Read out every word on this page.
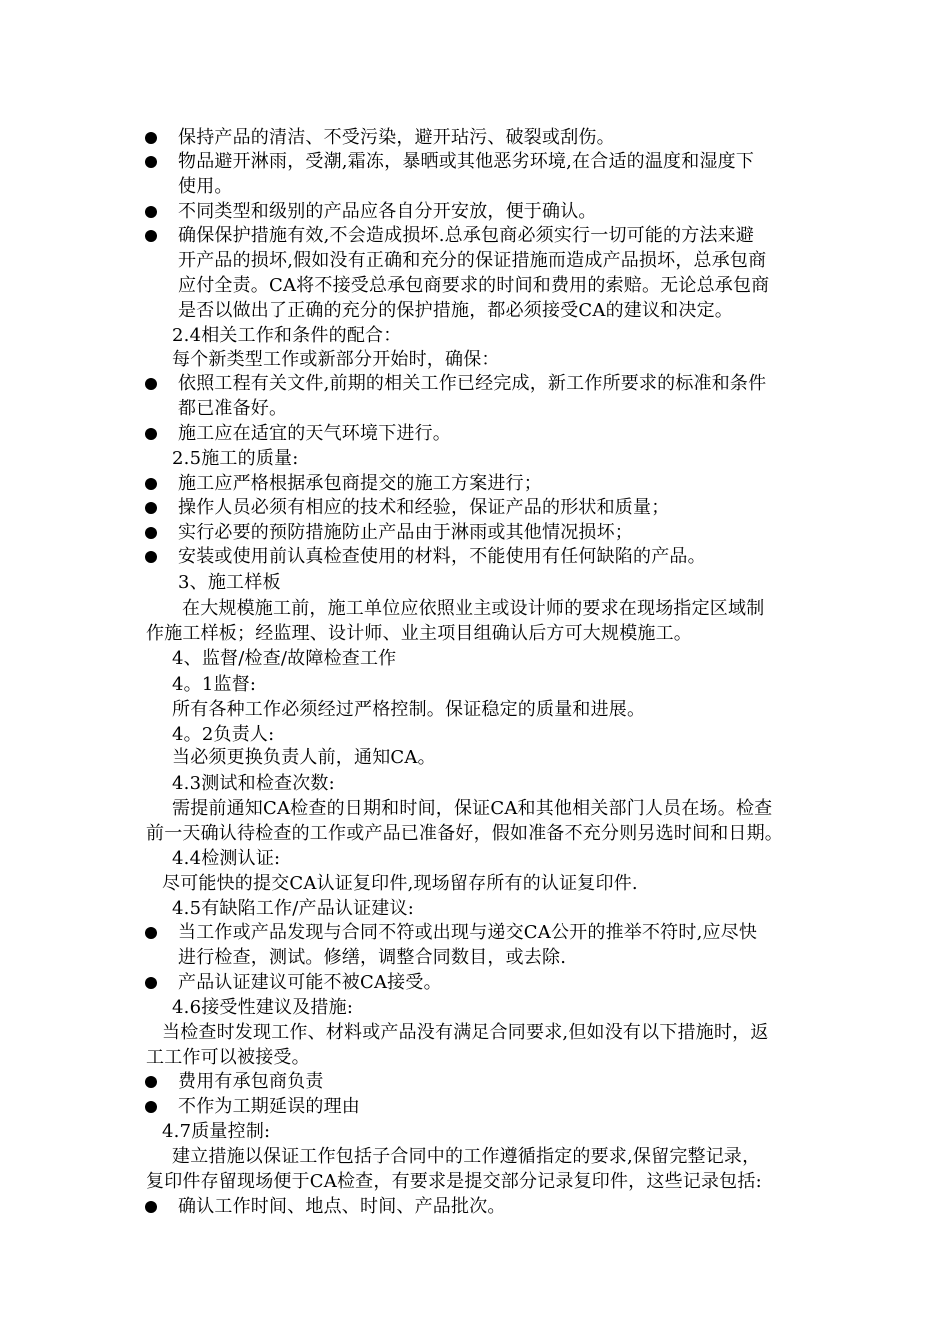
保持产品的清洁、不受污染，避开玷污、破裂或刮伤。
物品避开淋雨，受潮,霜冻，暴晒或其他恶劣环境,在合适的温度和湿度下
使用。
不同类型和级别的产品应各自分开安放，便于确认。
确保保护措施有效,不会造成损坏.总承包商必须实行一切可能的方法来避
开产品的损坏,假如没有正确和充分的保证措施而造成产品损坏，总承包商
应付全责。CA将不接受总承包商要求的时间和费用的索赔。无论总承包商
是否以做出了正确的充分的保护措施，都必须接受CA的建议和决定。
2.4相关工作和条件的配合：
每个新类型工作或新部分开始时，确保：
依照工程有关文件,前期的相关工作已经完成，新工作所要求的标准和条件
都已准备好。
施工应在适宜的天气环境下进行。
2.5施工的质量:
施工应严格根据承包商提交的施工方案进行；
操作人员必须有相应的技术和经验，保证产品的形状和质量；
实行必要的预防措施防止产品由于淋雨或其他情况损坏；
安装或使用前认真检查使用的材料，不能使用有任何缺陷的产品。
3、施工样板
在大规模施工前，施工单位应依照业主或设计师的要求在现场指定区域制
作施工样板；经监理、设计师、业主项目组确认后方可大规模施工。
4、监督/检查/故障检查工作
4。1监督:
所有各种工作必须经过严格控制。保证稳定的质量和进展。
4。2负责人:
当必须更换负责人前，通知CA。
4.3测试和检查次数:
需提前通知CA检查的日期和时间，保证CA和其他相关部门人员在场。检查
前一天确认待检查的工作或产品已准备好，假如准备不充分则另选时间和日期。
4.4检测认证:
尽可能快的提交CA认证复印件,现场留存所有的认证复印件.
4.5有缺陷工作/产品认证建议:
当工作或产品发现与合同不符或出现与递交CA公开的推举不符时,应尽快
进行检查，测试。修缮，调整合同数目，或去除.
产品认证建议可能不被CA接受。
4.6接受性建议及措施:
当检查时发现工作、材料或产品没有满足合同要求,但如没有以下措施时，返
工工作可以被接受。
费用有承包商负责
不作为工期延误的理由
4.7质量控制:
建立措施以保证工作包括子合同中的工作遵循指定的要求,保留完整记录，
复印件存留现场便于CA检查，有要求是提交部分记录复印件，这些记录包括:
确认工作时间、地点、时间、产品批次。
